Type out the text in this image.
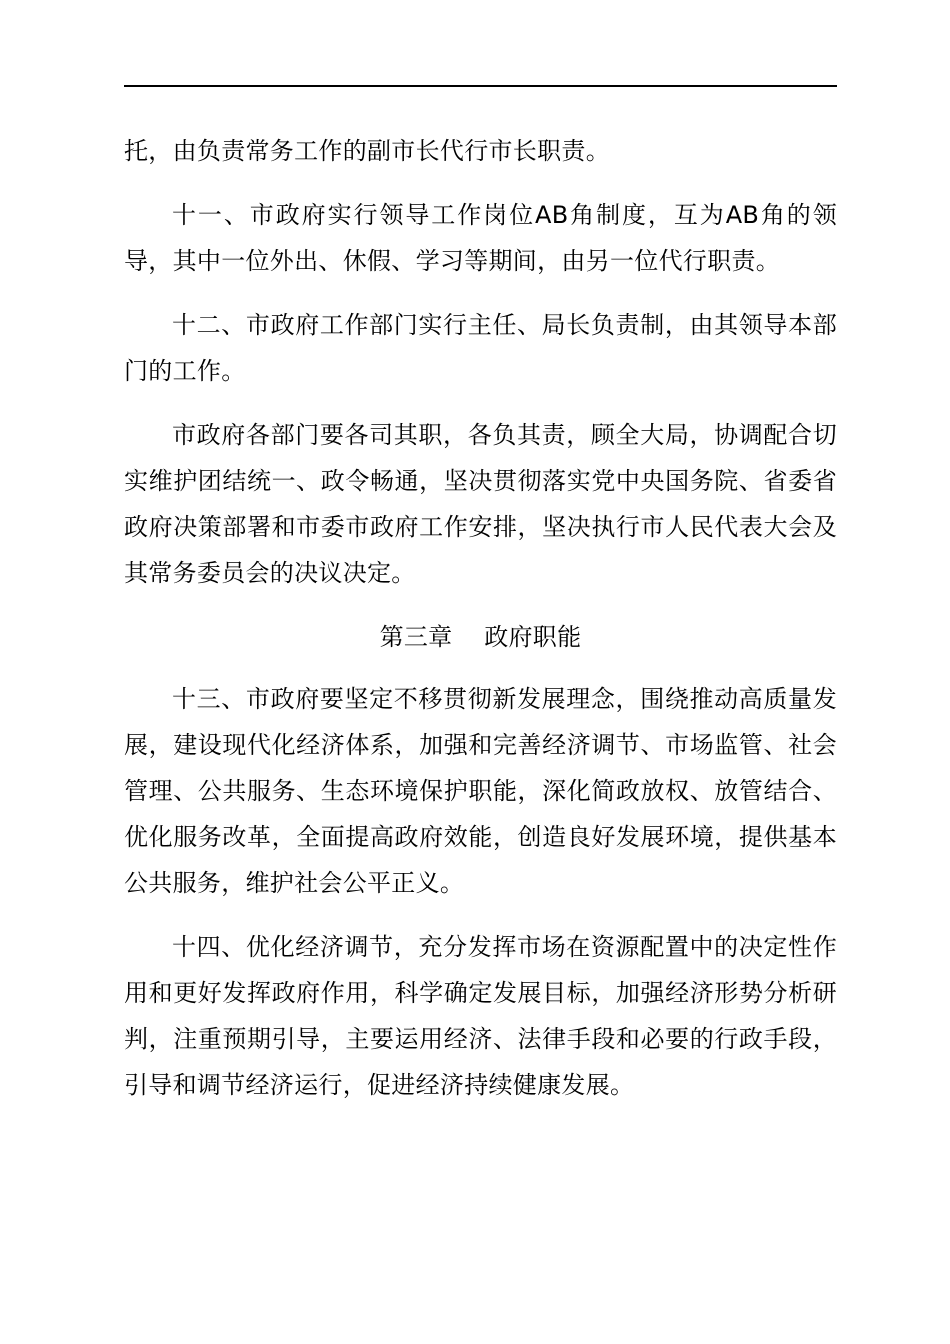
托，由负责常务工作的副市长代行市长职责。

十一、市政府实行领导工作岗位AB角制度，互为AB角的领导，其中一位外出、休假、学习等期间，由另一位代行职责。

十二、市政府工作部门实行主任、局长负责制，由其领导本部门的工作。

市政府各部门要各司其职，各负其责，顾全大局，协调配合切实维护团结统一、政令畅通，坚决贯彻落实党中央国务院、省委省政府决策部署和市委市政府工作安排，坚决执行市人民代表大会及其常务委员会的决议决定。

第三章    政府职能

十三、市政府要坚定不移贯彻新发展理念，围绕推动高质量发展，建设现代化经济体系，加强和完善经济调节、市场监管、社会管理、公共服务、生态环境保护职能，深化简政放权、放管结合、优化服务改革，全面提高政府效能，创造良好发展环境，提供基本公共服务，维护社会公平正义。

十四、优化经济调节，充分发挥市场在资源配置中的决定性作用和更好发挥政府作用，科学确定发展目标，加强经济形势分析研判，注重预期引导，主要运用经济、法律手段和必要的行政手段，引导和调节经济运行，促进经济持续健康发展。
